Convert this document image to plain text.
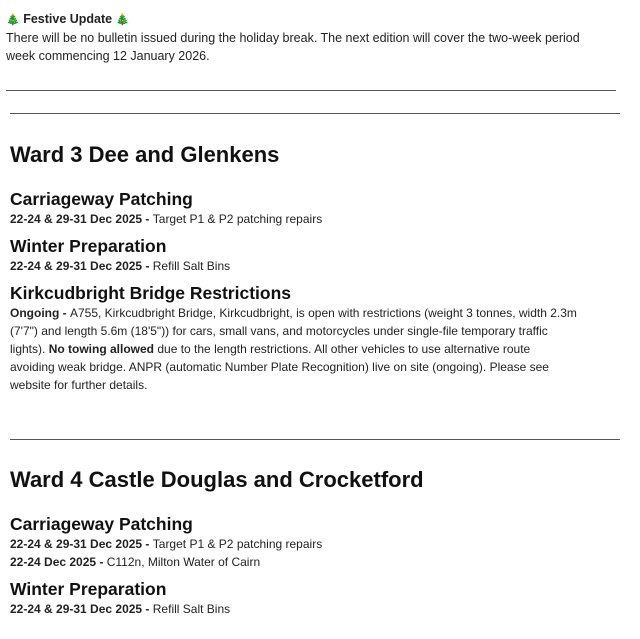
🎄 Festive Update 🎄
There will be no bulletin issued during the holiday break. The next edition will cover the two-week period
week commencing 12 January 2026.
Ward 3 Dee and Glenkens
Carriageway Patching

22-24 & 29-31 Dec 2025 - Target P1 & P2 patching repairs

Winter Preparation

22-24 & 29-31 Dec 2025 - Refill Salt Bins

Kirkcudbright Bridge Restrictions

Ongoing - A755, Kirkcudbright Bridge, Kirkcudbright, is open with restrictions (weight 3 tonnes, width 2.3m

(7'7") and length 5.6m (18'5")) for cars, small vans, and motorcycles under single-file temporary traffic

lights). No towing allowed due to the length restrictions. All other vehicles to use alternative route

avoiding weak bridge. ANPR (automatic Number Plate Recognition) live on site (ongoing). Please see

website for further details.

Ward 4 Castle Douglas and Crocketford
Carriageway Patching

22-24 & 29-31 Dec 2025 - Target P1 & P2 patching repairs

22-24 Dec 2025 - C112n, Milton Water of Cairn

Winter Preparation

22-24 & 29-31 Dec 2025 - Refill Salt Bins
